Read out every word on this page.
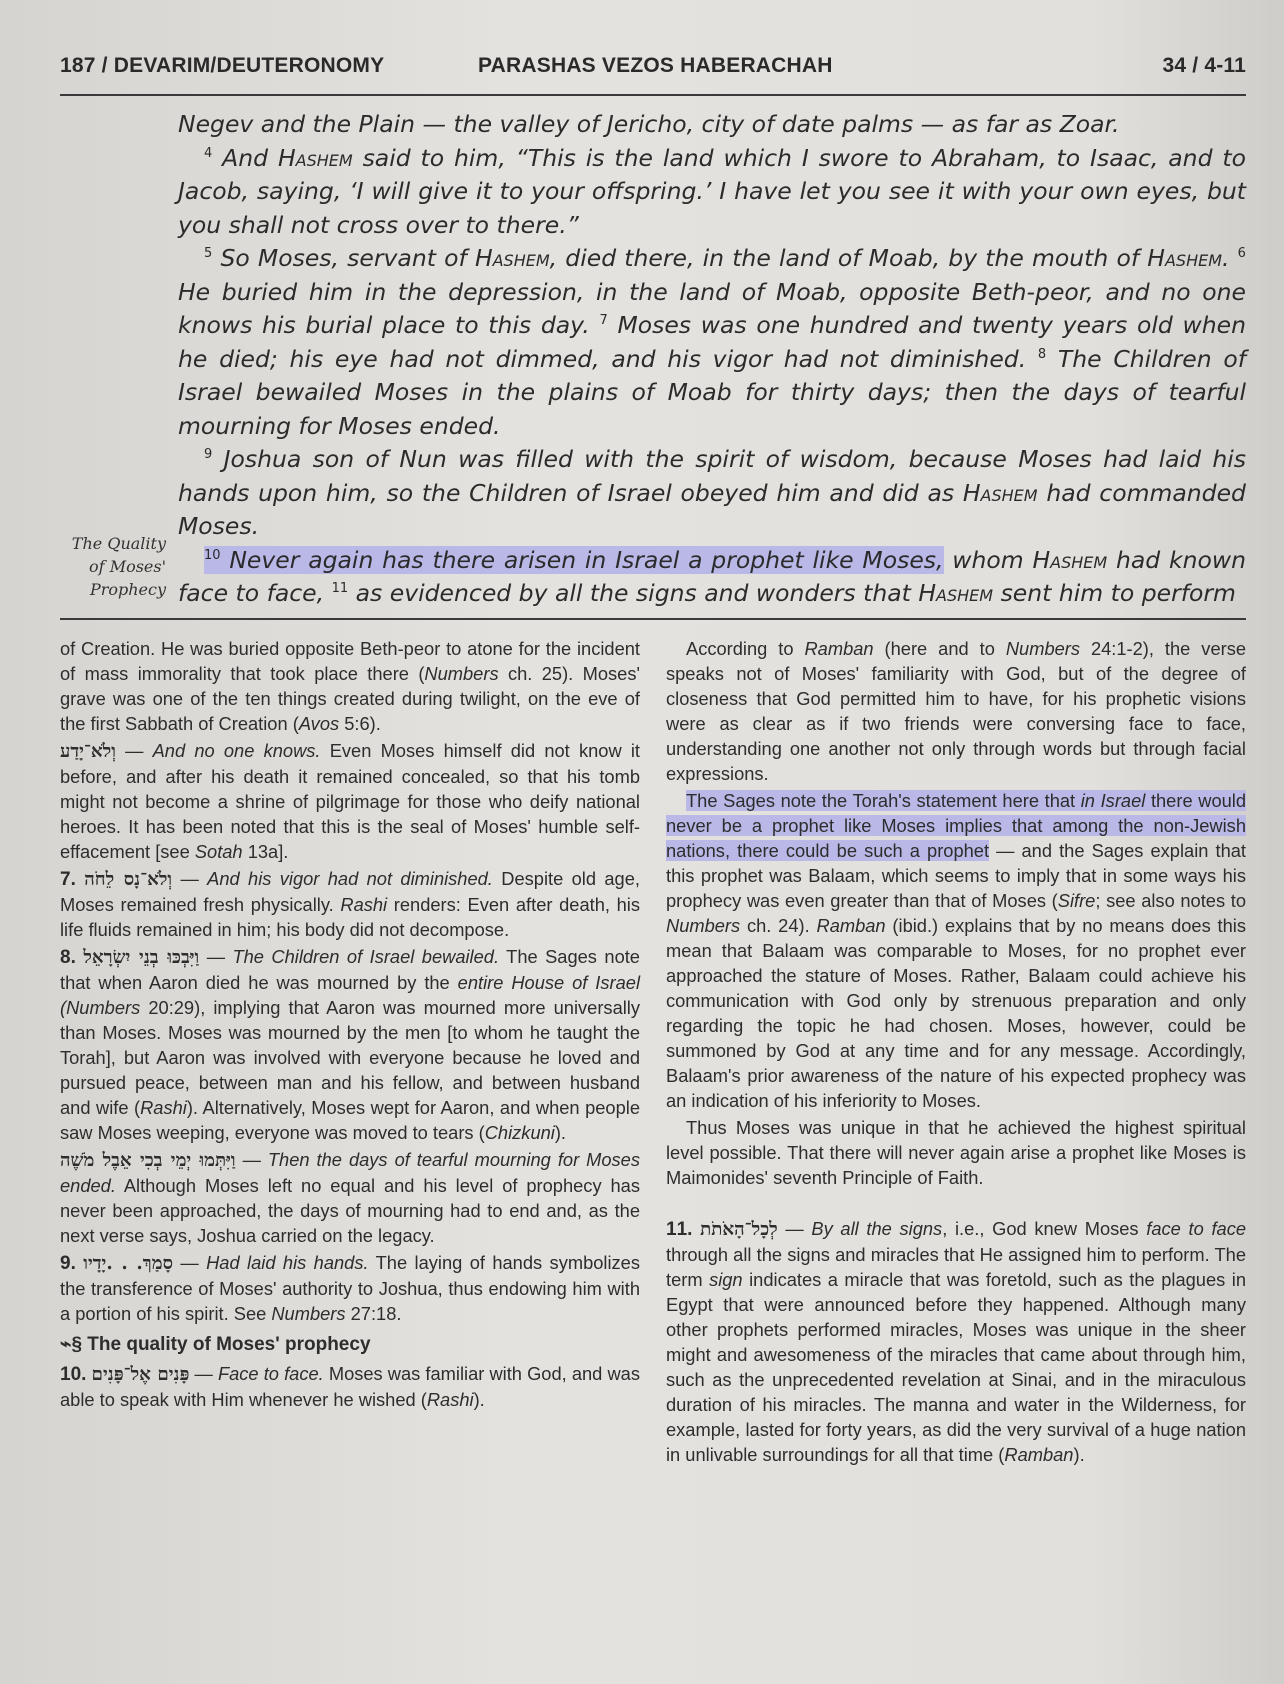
187 / DEVARIM/DEUTERONOMY	PARASHAS VEZOS HABERACHAH	34 / 4-11

Negev and the Plain — the valley of Jericho, city of date palms — as far as Zoar.

$^4$ And Hashem said to him, “This is the land which I swore to Abraham, to Isaac, and to Jacob, saying, ‘I will give it to your offspring.’ I have let you see it with your own eyes, but you shall not cross over to there.”

$^5$ So Moses, servant of Hashem, died there, in the land of Moab, by the mouth of Hashem. $^6$ He buried him in the depression, in the land of Moab, opposite Beth-peor, and no one knows his burial place to this day. $^7$ Moses was one hundred and twenty years old when he died; his eye had not dimmed, and his vigor had not diminished. $^8$ The Children of Israel bewailed Moses in the plains of Moab for thirty days; then the days of tearful mourning for Moses ended.

$^9$ Joshua son of Nun was filled with the spirit of wisdom, because Moses had laid his hands upon him, so the Children of Israel obeyed him and did as Hashem had commanded Moses.

$^{10}$ Never again has there arisen in Israel a prophet like Moses, whom Hashem had known face to face, $^{11}$ as evidenced by all the signs and wonders that Hashem sent him to perform

The Quality
of Moses'
Prophecy

of Creation. He was buried opposite Beth-peor to atone for the incident of mass immorality that took place there (Numbers ch. 25). Moses' grave was one of the ten things created during twilight, on the eve of the first Sabbath of Creation (Avos 5:6).

וְלֹא־יָדַע — And no one knows. Even Moses himself did not know it before, and after his death it remained concealed, so that his tomb might not become a shrine of pilgrimage for those who deify national heroes. It has been noted that this is the seal of Moses' humble self-effacement [see Sotah 13a].

7. וְלֹא־נָס לֵחֹה — And his vigor had not diminished. Despite old age, Moses remained fresh physically. Rashi renders: Even after death, his life fluids remained in him; his body did not decompose.

8. וַיִּבְכּוּ בְנֵי יִשְׂרָאֵל — The Children of Israel bewailed. The Sages note that when Aaron died he was mourned by the entire House of Israel (Numbers 20:29), implying that Aaron was mourned more universally than Moses. Moses was mourned by the men [to whom he taught the Torah], but Aaron was involved with everyone because he loved and pursued peace, between man and his fellow, and between husband and wife (Rashi). Alternatively, Moses wept for Aaron, and when people saw Moses weeping, everyone was moved to tears (Chizkuni).

וַיִּתְּמוּ יְמֵי בְכִי אֵבֶל מֹשֶׁה — Then the days of tearful mourning for Moses ended. Although Moses left no equal and his level of prophecy has never been approached, the days of mourning had to end and, as the next verse says, Joshua carried on the legacy.

9. סָמַךְ. . .יָדָיו — Had laid his hands. The laying of hands symbolizes the transference of Moses' authority to Joshua, thus endowing him with a portion of his spirit. See Numbers 27:18.

⌁§ The quality of Moses' prophecy

10. פָּנִים אֶל־פָּנִים — Face to face. Moses was familiar with God, and was able to speak with Him whenever he wished (Rashi).

According to Ramban (here and to Numbers 24:1-2), the verse speaks not of Moses' familiarity with God, but of the degree of closeness that God permitted him to have, for his prophetic visions were as clear as if two friends were conversing face to face, understanding one another not only through words but through facial expressions.

The Sages note the Torah's statement here that in Israel there would never be a prophet like Moses implies that among the non-Jewish nations, there could be such a prophet — and the Sages explain that this prophet was Balaam, which seems to imply that in some ways his prophecy was even greater than that of Moses (Sifre; see also notes to Numbers ch. 24). Ramban (ibid.) explains that by no means does this mean that Balaam was comparable to Moses, for no prophet ever approached the stature of Moses. Rather, Balaam could achieve his communication with God only by strenuous preparation and only regarding the topic he had chosen. Moses, however, could be summoned by God at any time and for any message. Accordingly, Balaam's prior awareness of the nature of his expected prophecy was an indication of his inferiority to Moses.

Thus Moses was unique in that he achieved the highest spiritual level possible. That there will never again arise a prophet like Moses is Maimonides' seventh Principle of Faith.

11. לְכָל־הָאֹתֹת — By all the signs, i.e., God knew Moses face to face through all the signs and miracles that He assigned him to perform. The term sign indicates a miracle that was foretold, such as the plagues in Egypt that were announced before they happened. Although many other prophets performed miracles, Moses was unique in the sheer might and awesomeness of the miracles that came about through him, such as the unprecedented revelation at Sinai, and in the miraculous duration of his miracles. The manna and water in the Wilderness, for example, lasted for forty years, as did the very survival of a huge nation in unlivable surroundings for all that time (Ramban).
